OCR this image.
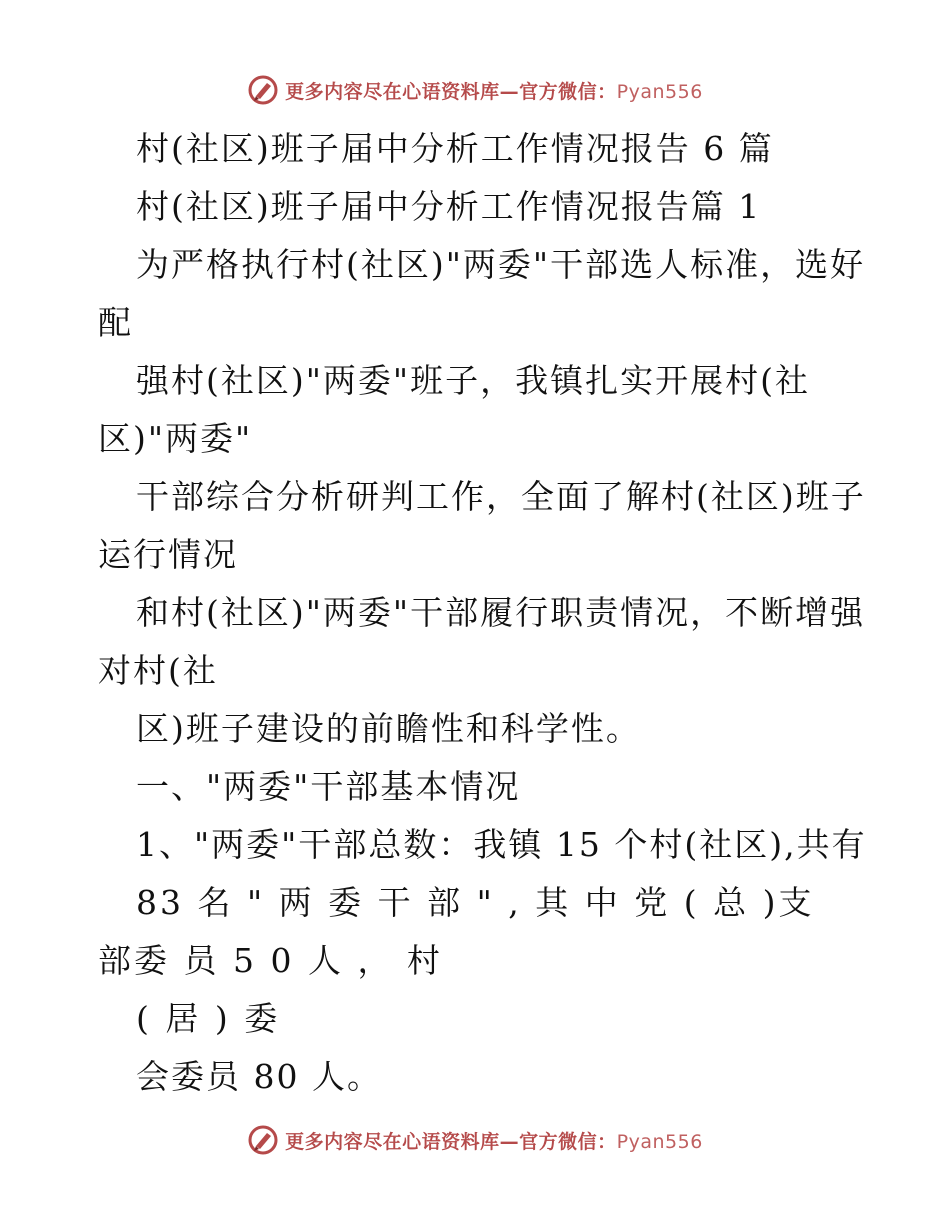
更多内容尽在心语资料库—官方微信：Pyan556
村(社区)班子届中分析工作情况报告 6 篇
村(社区)班子届中分析工作情况报告篇 1
为严格执行村(社区)"两委"干部选人标准，选好
配
强村(社区)"两委"班子，我镇扎实开展村(社
区)"两委"
干部综合分析研判工作，全面了解村(社区)班子
运行情况
和村(社区)"两委"干部履行职责情况，不断增强
对村(社
区)班子建设的前瞻性和科学性。
一、"两委"干部基本情况
1、"两委"干部总数：我镇 15 个村(社区),共有
83 名 " 两 委 干 部 " , 其 中 党 ( 总 )支
部委 员 5 0 人 ， 村
( 居 ) 委
会委员 80 人。
更多内容尽在心语资料库—官方微信：Pyan556
